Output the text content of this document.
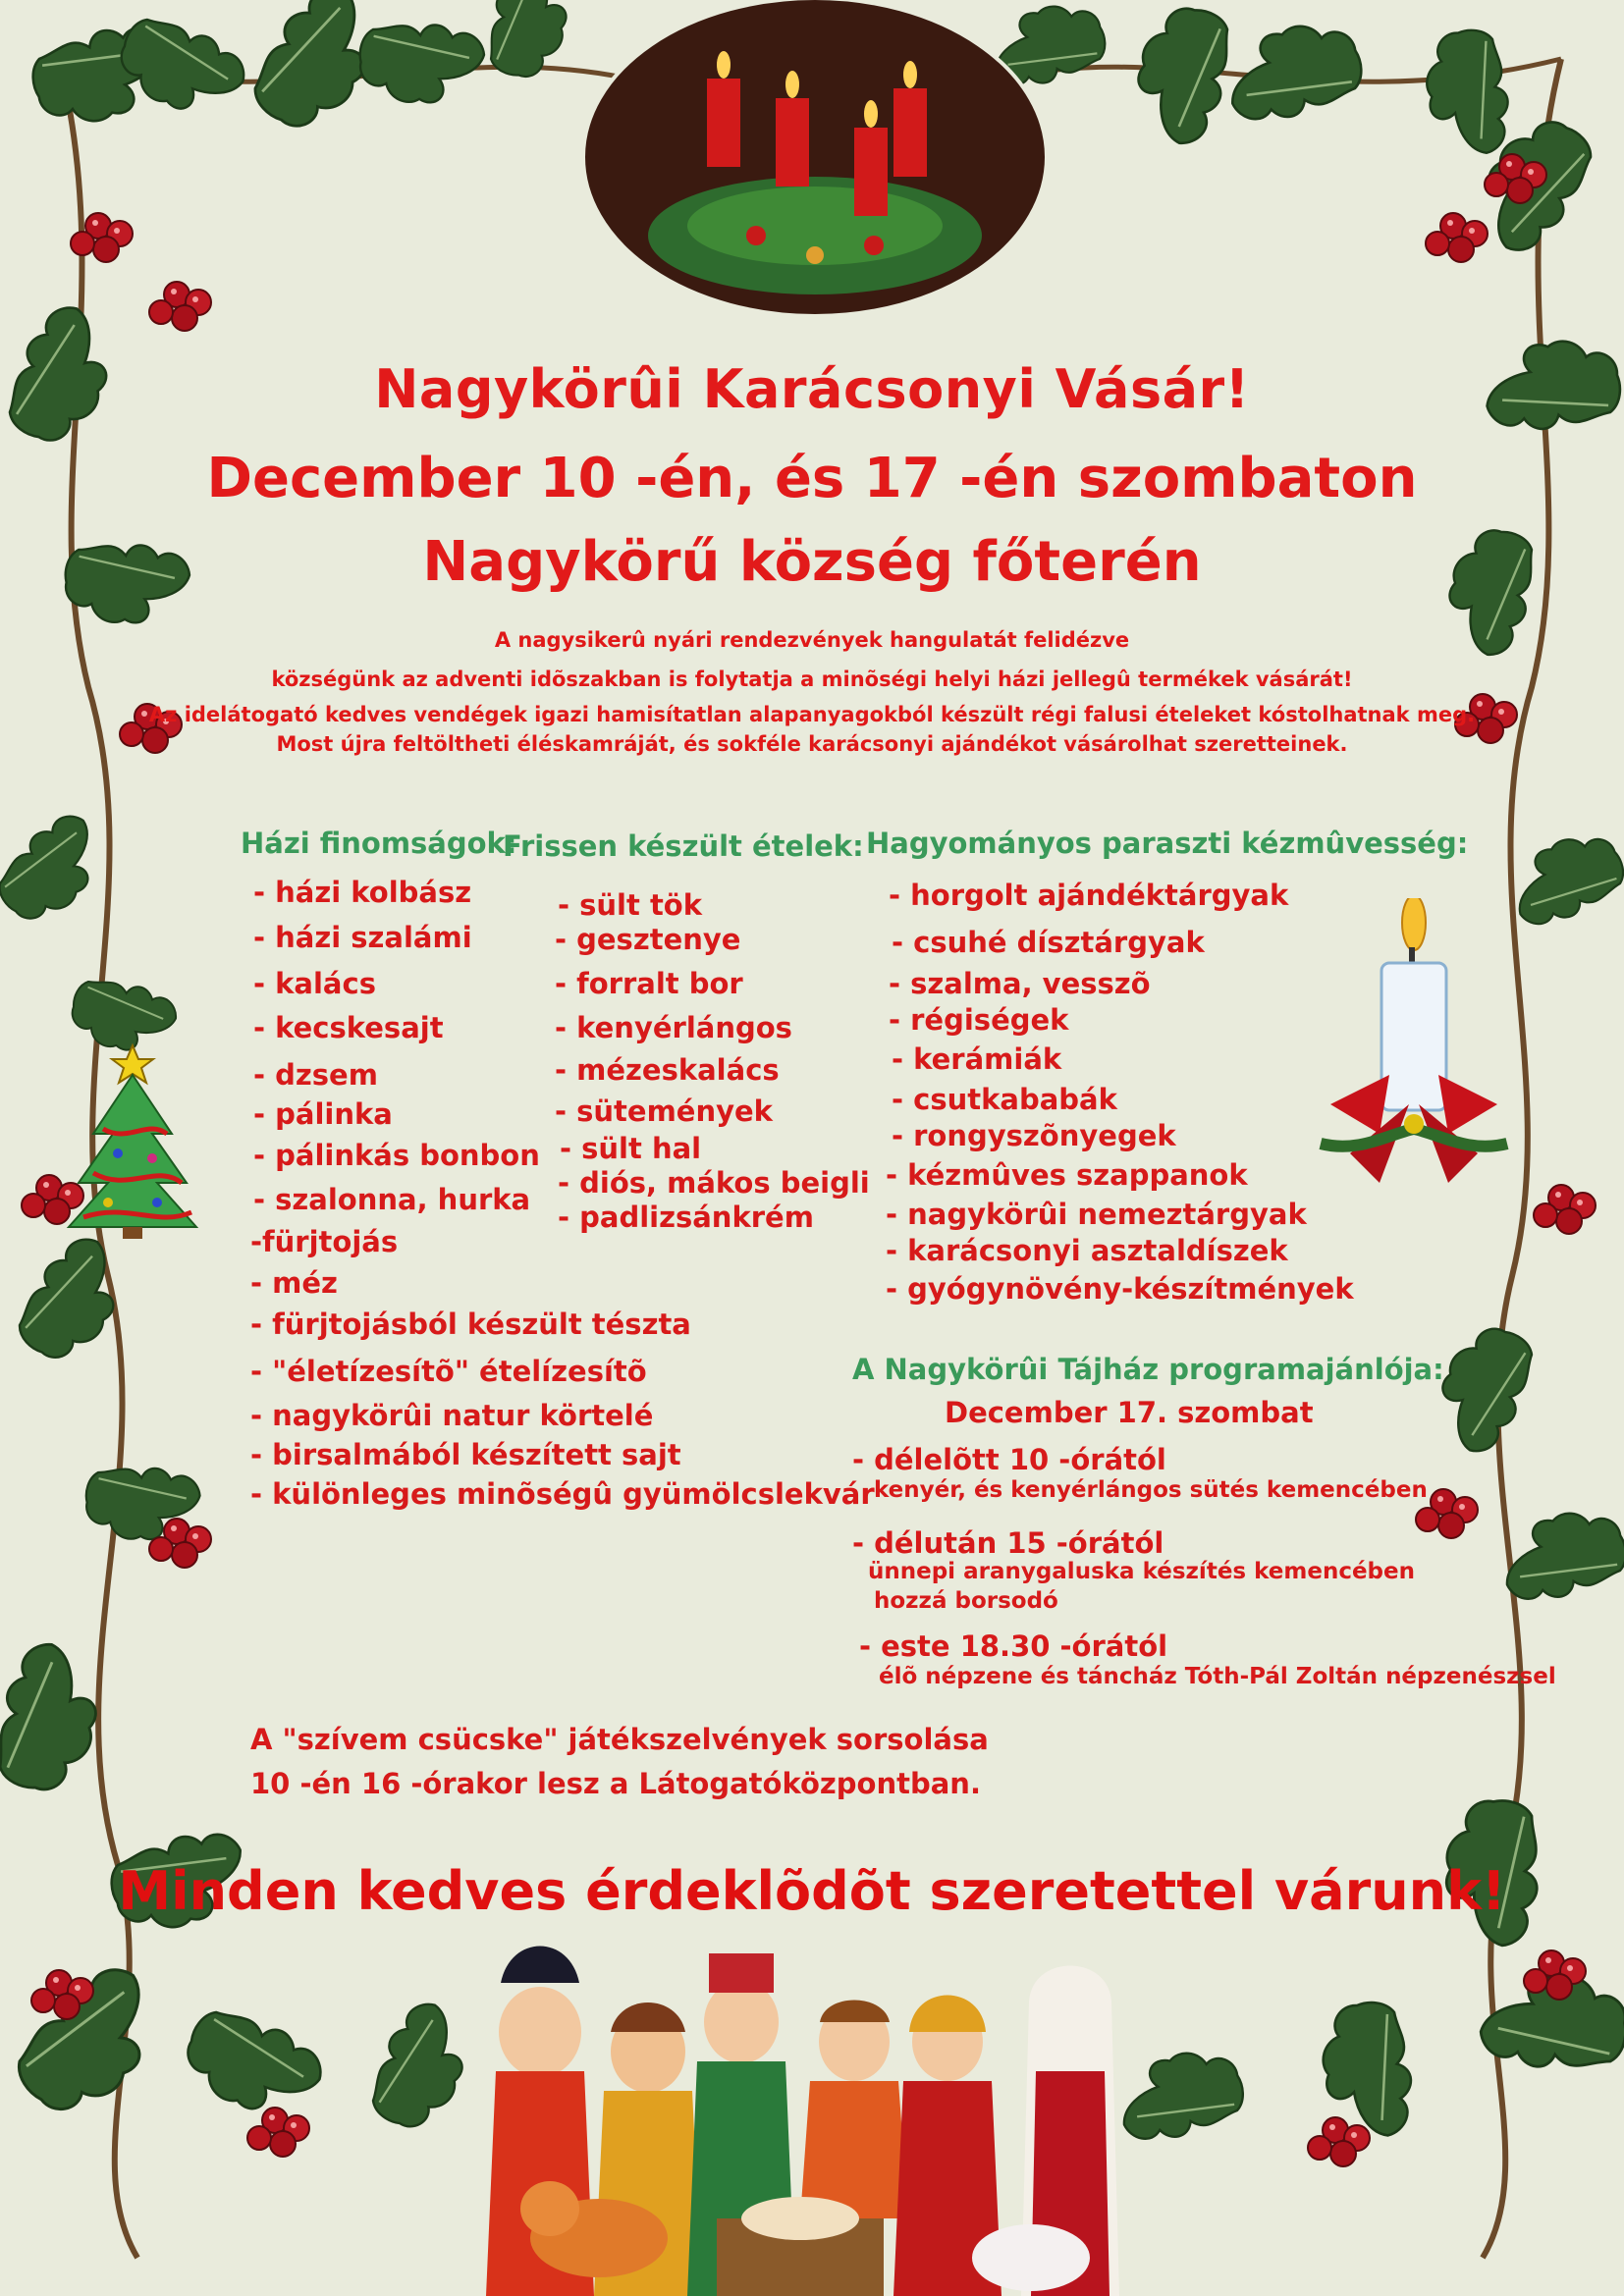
Nagykörûi Karácsonyi Vásár!
December 10 -én, és 17 -én szombaton
Nagykörű község főterén
A nagysikerû nyári rendezvények hangulatát felidézve
községünk az adventi idõszakban is folytatja a minõségi helyi házi jellegû termékek vásárát!
Az idelátogató kedves vendégek igazi hamisítatlan alapanyagokból készült régi falusi ételeket kóstolhatnak meg.
Most újra feltöltheti éléskamráját, és sokféle karácsonyi ajándékot vásárolhat szeretteinek.
Házi finomságok:
Frissen készült ételek: Hagyományos paraszti kézmûvesség:
- házi kolbász
- házi szalámi
- kalács
- kecskesajt
- dzsem
- pálinka
- pálinkás bonbon
- szalonna, hurka
-fürjtojás
- méz
- fürjtojásból készült tészta
- "életízesítõ" ételízesítõ
- nagykörûi natur körtelé
- birsalmából készített sajt
- különleges minõségû gyümölcslekvár
- sült tök
- gesztenye
- forralt bor
- kenyérlángos
- mézeskalács
- sütemények
- sült hal
- diós, mákos beigli
- padlizsánkrém
- horgolt ajándéktárgyak
- csuhé dísztárgyak
- szalma, vesszõ
- régiségek
- kerámiák
- csutkababák
- rongyszõnyegek
- kézmûves szappanok
- nagykörûi nemeztárgyak
- karácsonyi asztaldíszek
- gyógynövény-készítmények
A Nagykörûi Tájház programajánlója:
December 17. szombat
- délelõtt 10 -órától
kenyér, és kenyérlángos sütés kemencében
- délután 15 -órától
ünnepi aranygaluska készítés kemencében
hozzá borsodó
- este 18.30 -órától
élõ népzene és táncház Tóth-Pál Zoltán népzenészsel
A "szívem csücske" játékszelvények sorsolása
10 -én 16 -órakor lesz a Látogatóközpontban.
Minden kedves érdeklõdõt szeretettel várunk!
